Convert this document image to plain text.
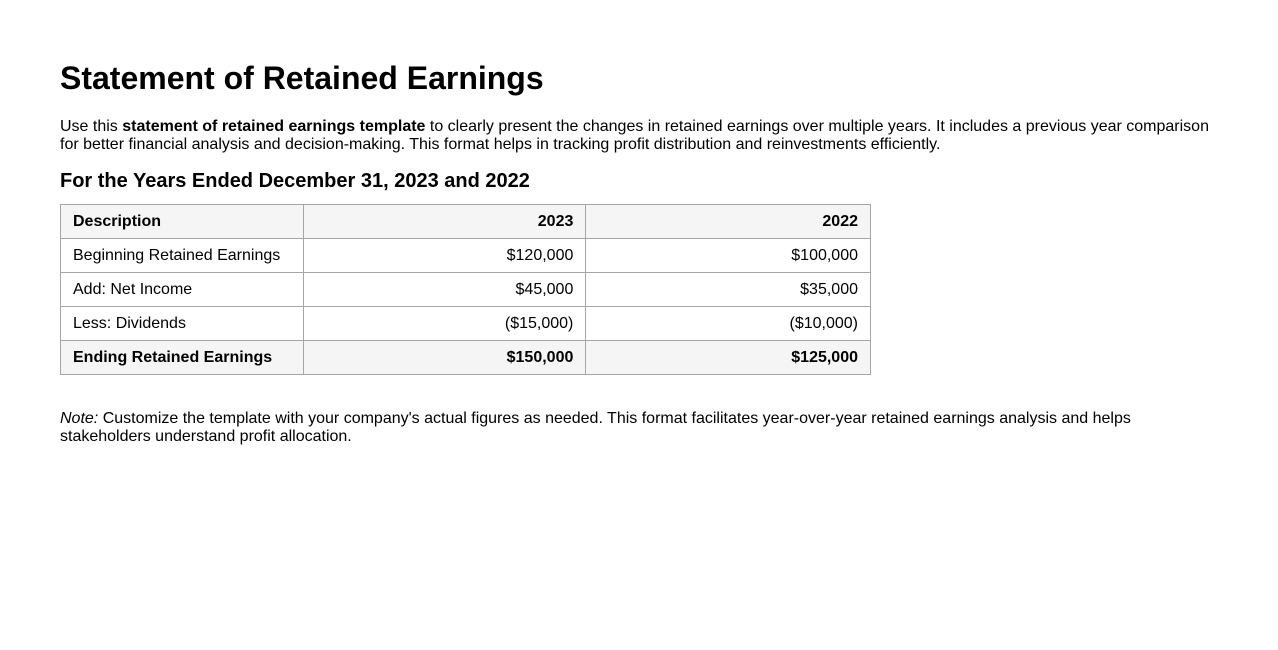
Statement of Retained Earnings

Use this statement of retained earnings template to clearly present the changes in retained earnings over multiple years. It includes a previous year comparison for better financial analysis and decision-making. This format helps in tracking profit distribution and reinvestments efficiently.

For the Years Ended December 31, 2023 and 2022
Description	2023	2022
Beginning Retained Earnings	$120,000	$100,000
Add: Net Income	$45,000	$35,000
Less: Dividends	($15,000)	($10,000)
Ending Retained Earnings	$150,000	$125,000

Note: Customize the template with your company's actual figures as needed. This format facilitates year-over-year retained earnings analysis and helps stakeholders understand profit allocation.
